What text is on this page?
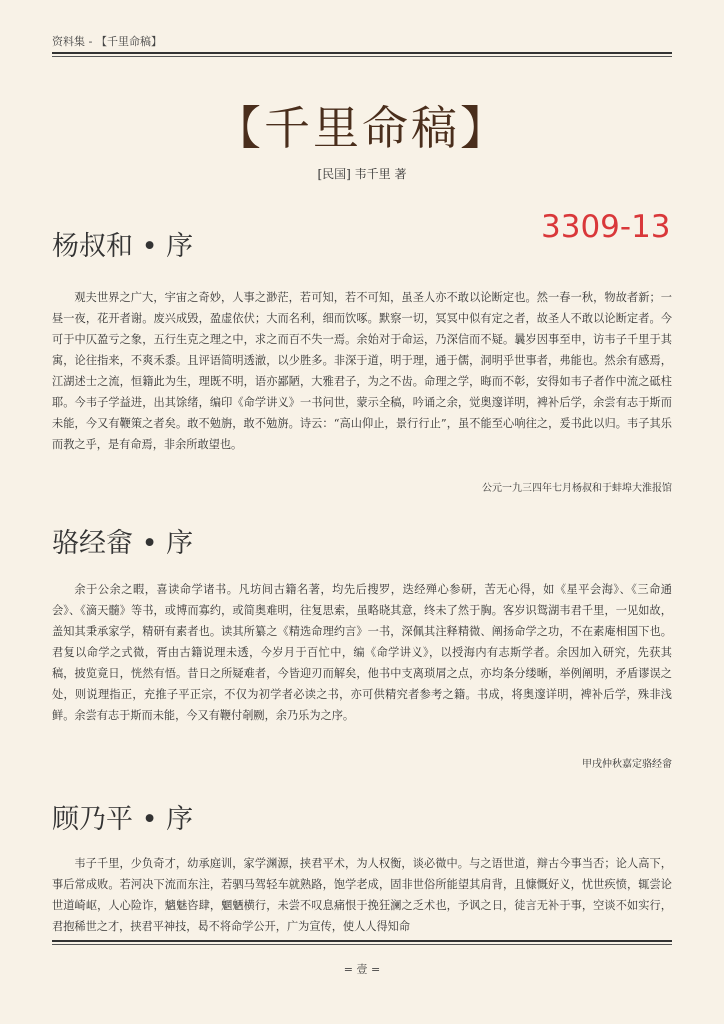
资料集 - 【千里命稿】
【千里命稿】
[民国] 韦千里 著
3309-13
杨叔和 • 序

观夫世界之广大，宇宙之奇妙，人事之渺茫，若可知，若不可知，虽圣人亦不敢以论断定也。然一春一秋，物故者新；一昼一夜，花开者谢。废兴成毁，盈虚依伏；大而名利，细而饮啄。默察一切，冥冥中似有定之者，故圣人不敢以论断定者。今可于中仄盈亏之象，五行生克之理之中，求之而百不失一焉。余始对于命运，乃深信而不疑。曩岁因事至申，访韦子千里于其寓，论往指来，不爽禾黍。且评语简明透澈，以少胜多。非深于道，明于理，通于儒，洞明乎世事者，弗能也。然余有感焉，江湖述士之流，恒籍此为生，理既不明，语亦鄙陋，大雅君子，为之不齿。命理之学，晦而不彰，安得如韦子者作中流之砥柱耶。今韦子学益进，出其馀绪，编印《命学讲义》一书问世，蒙示全稿，吟诵之余，觉奥邃详明，裨补后学，余尝有志于斯而未能，今又有鞭策之者矣。敢不勉旃，敢不勉旃。诗云：“高山仰止，景行行止”，虽不能至心响往之，爰书此以归。韦子其乐而教之乎，是有命焉，非余所敢望也。

公元一九三四年七月杨叔和于蚌埠大淮报馆
骆经畲 • 序

余于公余之暇，喜读命学诸书。凡坊间古籍名著，均先后搜罗，迭经殚心参研，苦无心得，如《星平会海》、《三命通会》、《滴天髓》等书，或博而寡约，或简奥难明，往复思索，虽略晓其意，终未了然于胸。客岁识鸳湖韦君千里，一见如故，盖知其秉承家学，精研有素者也。读其所纂之《精选命理约言》一书，深佩其注释精微、阐扬命学之功，不在素庵相国下也。君复以命学之式微，胥由古籍说理未透，今岁月于百忙中，编《命学讲义》，以授海内有志斯学者。余因加入研究，先获其稿，披览竟日，恍然有悟。昔日之所疑难者，今皆迎刃而解矣，他书中支离琐屑之点，亦均条分缕晰，举例阐明，矛盾谬误之处，则说理指正，充推子平正宗，不仅为初学者必读之书，亦可供精究者参考之籍。书成，将奥邃详明，裨补后学，殊非浅鲜。余尝有志于斯而未能，今又有鞭付剞劂，余乃乐为之序。

甲戌仲秋嘉定骆经畲
顾乃平 • 序

韦子千里，少负奇才，幼承庭训，家学渊源，挟君平术，为人权衡，谈必微中。与之语世道，辩古今事当否；论人高下，事后常成败。若河决下流而东注，若驷马驾轻车就熟路，饱学老成，固非世俗所能望其肩背，且慷慨好义，忧世疾愤，辄尝论世道崎岖，人心险诈，魑魅咨肆，魍魉横行，未尝不叹息痛恨于挽狂澜之乏术也，予讽之日，徒言无补于事，空谈不如实行，君抱稀世之才，挟君平神技，曷不将命学公开，广为宣传，使人人得知命

= 壹 =
